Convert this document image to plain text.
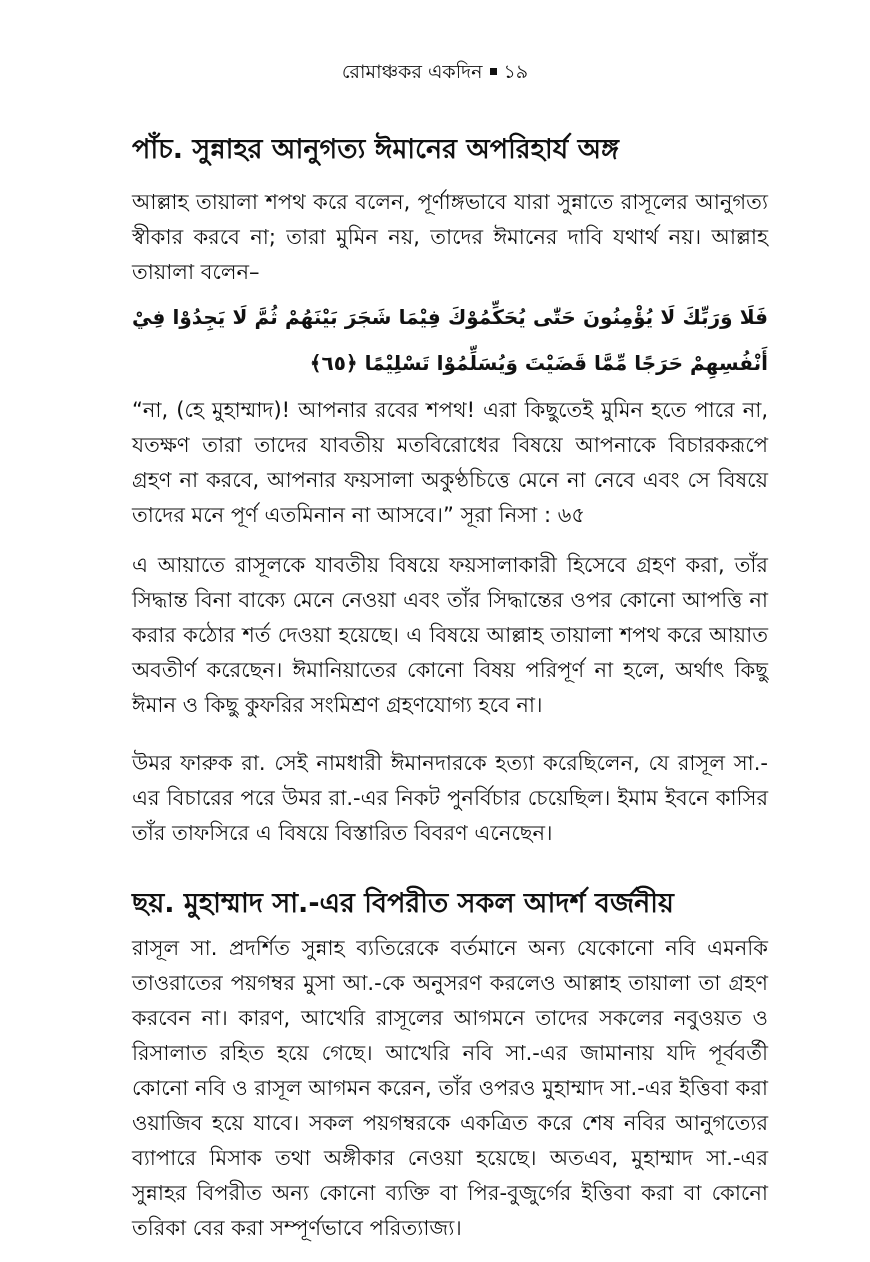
রোমাঞ্চকর একদিন ১৯
পাঁচ. সুন্নাহর আনুগত্য ঈমানের অপরিহার্য অঙ্গ
আল্লাহ তায়ালা শপথ করে বলেন, পূর্ণাঙ্গভাবে যারা সুন্নাতে রাসূলের আনুগত্য স্বীকার করবে না; তারা মুমিন নয়, তাদের ঈমানের দাবি যথার্থ নয়। আল্লাহ তায়ালা বলেন–
فَلَا وَرَبِّكَ لَا يُؤْمِنُونَ حَتّٰى يُحَكِّمُوْكَ فِيْمَا شَجَرَ بَيْنَهُمْ ثُمَّ لَا يَجِدُوْا فِيْ أَنْفُسِهِمْ حَرَجًا مِّمَّا قَضَيْتَ وَيُسَلِّمُوْا تَسْلِيْمًا ﴿٦٥﴾
“না, (হে মুহাম্মাদ)! আপনার রবের শপথ! এরা কিছুতেই মুমিন হতে পারে না, যতক্ষণ তারা তাদের যাবতীয় মতবিরোধের বিষয়ে আপনাকে বিচারকরূপে গ্রহণ না করবে, আপনার ফয়সালা অকুণ্ঠচিত্তে মেনে না নেবে এবং সে বিষয়ে তাদের মনে পূর্ণ এতমিনান না আসবে।” সূরা নিসা : ৬৫
এ আয়াতে রাসূলকে যাবতীয় বিষয়ে ফয়সালাকারী হিসেবে গ্রহণ করা, তাঁর সিদ্ধান্ত বিনা বাক্যে মেনে নেওয়া এবং তাঁর সিদ্ধান্তের ওপর কোনো আপত্তি না করার কঠোর শর্ত দেওয়া হয়েছে। এ বিষয়ে আল্লাহ তায়ালা শপথ করে আয়াত অবতীর্ণ করেছেন। ঈমানিয়াতের কোনো বিষয় পরিপূর্ণ না হলে, অর্থাৎ কিছু ঈমান ও কিছু কুফরির সংমিশ্রণ গ্রহণযোগ্য হবে না।
উমর ফারুক রা. সেই নামধারী ঈমানদারকে হত্যা করেছিলেন, যে রাসূল সা.-এর বিচারের পরে উমর রা.-এর নিকট পুনর্বিচার চেয়েছিল। ইমাম ইবনে কাসির তাঁর তাফসিরে এ বিষয়ে বিস্তারিত বিবরণ এনেছেন।
ছয়. মুহাম্মাদ সা.-এর বিপরীত সকল আদর্শ বর্জনীয়
রাসূল সা. প্রদর্শিত সুন্নাহ ব্যতিরেকে বর্তমানে অন্য যেকোনো নবি এমনকি তাওরাতের পয়গম্বর মুসা আ.-কে অনুসরণ করলেও আল্লাহ তায়ালা তা গ্রহণ করবেন না। কারণ, আখেরি রাসূলের আগমনে তাদের সকলের নবুওয়ত ও রিসালাত রহিত হয়ে গেছে। আখেরি নবি সা.-এর জামানায় যদি পূর্ববর্তী কোনো নবি ও রাসূল আগমন করেন, তাঁর ওপরও মুহাম্মাদ সা.-এর ইত্তিবা করা ওয়াজিব হয়ে যাবে। সকল পয়গম্বরকে একত্রিত করে শেষ নবির আনুগত্যের ব্যাপারে মিসাক তথা অঙ্গীকার নেওয়া হয়েছে। অতএব, মুহাম্মাদ সা.-এর সুন্নাহর বিপরীত অন্য কোনো ব্যক্তি বা পির-বুজুর্গের ইত্তিবা করা বা কোনো তরিকা বের করা সম্পূর্ণভাবে পরিত্যাজ্য।
